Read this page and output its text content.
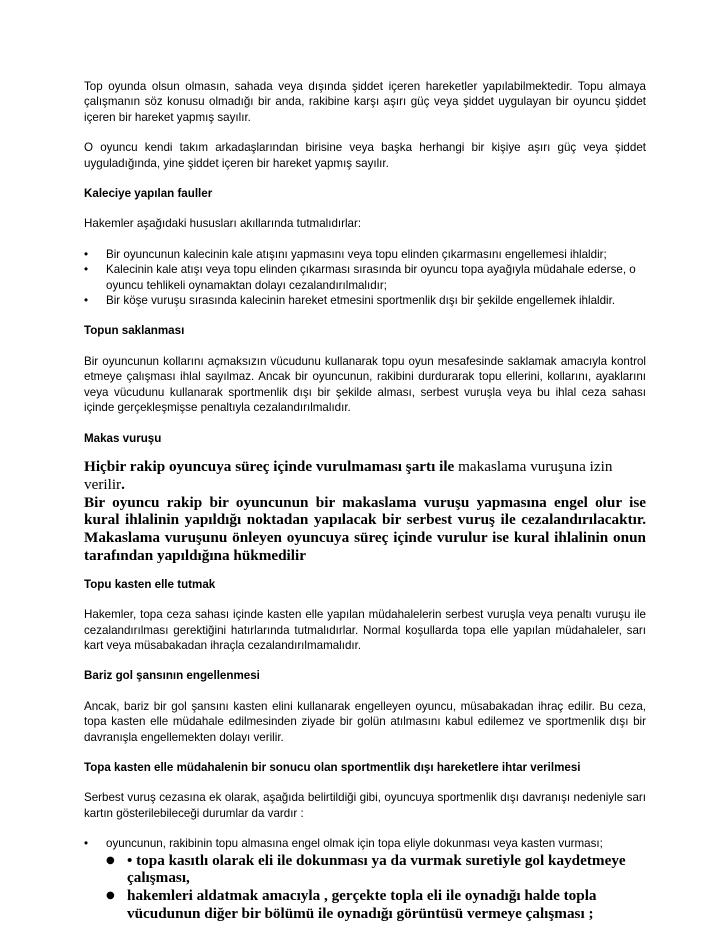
Top oyunda olsun olmasın, sahada veya dışında şiddet içeren hareketler yapılabilmektedir. Topu almaya çalışmanın söz konusu olmadığı bir anda, rakibine karşı aşırı güç veya şiddet uygulayan bir oyuncu şiddet içeren bir hareket yapmış sayılır.

O oyuncu kendi takım arkadaşlarından birisine veya başka herhangi bir kişiye aşırı güç veya şiddet uyguladığında, yine şiddet içeren bir hareket yapmış sayılır.

Kaleciye yapılan fauller

Hakemler aşağıdaki hususları akıllarında tutmalıdırlar:

• Bir oyuncunun kalecinin kale atışını yapmasını veya topu elinden çıkarmasını engellemesi ihlaldir;
• Kalecinin kale atışı veya topu elinden çıkarması sırasında bir oyuncu topa ayağıyla müdahale ederse, o oyuncu tehlikeli oynamaktan dolayı cezalandırılmalıdır;
• Bir köşe vuruşu sırasında kalecinin hareket etmesini sportmenlik dışı bir şekilde engellemek ihlaldir.

Topun saklanması

Bir oyuncunun kollarını açmaksızın vücudunu kullanarak topu oyun mesafesinde saklamak amacıyla kontrol etmeye çalışması ihlal sayılmaz. Ancak bir oyuncunun, rakibini durdurarak topu ellerini, kollarını, ayaklarını veya vücudunu kullanarak sportmenlik dışı bir şekilde alması, serbest vuruşla veya bu ihlal ceza sahası içinde gerçekleşmişse penaltıyla cezalandırılmalıdır.

Makas vuruşu

Hiçbir rakip oyuncuya süreç içinde vurulmaması şartı ile makaslama vuruşuna izin verilir.

Bir oyuncu rakip bir oyuncunun bir makaslama vuruşu yapmasına engel olur ise kural ihlalinin yapıldığı noktadan yapılacak bir serbest vuruş ile cezalandırılacaktır. Makaslama vuruşunu önleyen oyuncuya süreç içinde vurulur ise kural ihlalinin onun tarafından yapıldığına hükmedilir

Topu kasten elle tutmak

Hakemler, topa ceza sahası içinde kasten elle yapılan müdahalelerin serbest vuruşla veya penaltı vuruşu ile cezalandırılması gerektiğini hatırlarında tutmalıdırlar. Normal koşullarda topa elle yapılan müdahaleler, sarı kart veya müsabakadan ihraçla cezalandırılmamalıdır.

Bariz gol şansının engellenmesi

Ancak, bariz bir gol şansını kasten elini kullanarak engelleyen oyuncu, müsabakadan ihraç edilir. Bu ceza, topa kasten elle müdahale edilmesinden ziyade bir golün atılmasını kabul edilemez ve sportmenlik dışı bir davranışla engellemekten dolayı verilir.

Topa kasten elle müdahalenin bir sonucu olan sportmentlik dışı hareketlere ihtar verilmesi

Serbest vuruş cezasına ek olarak, aşağıda belirtildiği gibi, oyuncuya sportmenlik dışı davranışı nedeniyle sarı kartın gösterilebileceği durumlar da vardır :

• oyuncunun, rakibinin topu almasına engel olmak için topa eliyle dokunması veya kasten vurması;
● • topa kasıtlı olarak eli ile dokunması ya da vurmak suretiyle gol kaydetmeye çalışması,
● hakemleri aldatmak amacıyla , gerçekte topla eli ile oynadığı halde topla vücudunun diğer bir bölümü ile oynadığı görüntüsü vermeye çalışması ;
